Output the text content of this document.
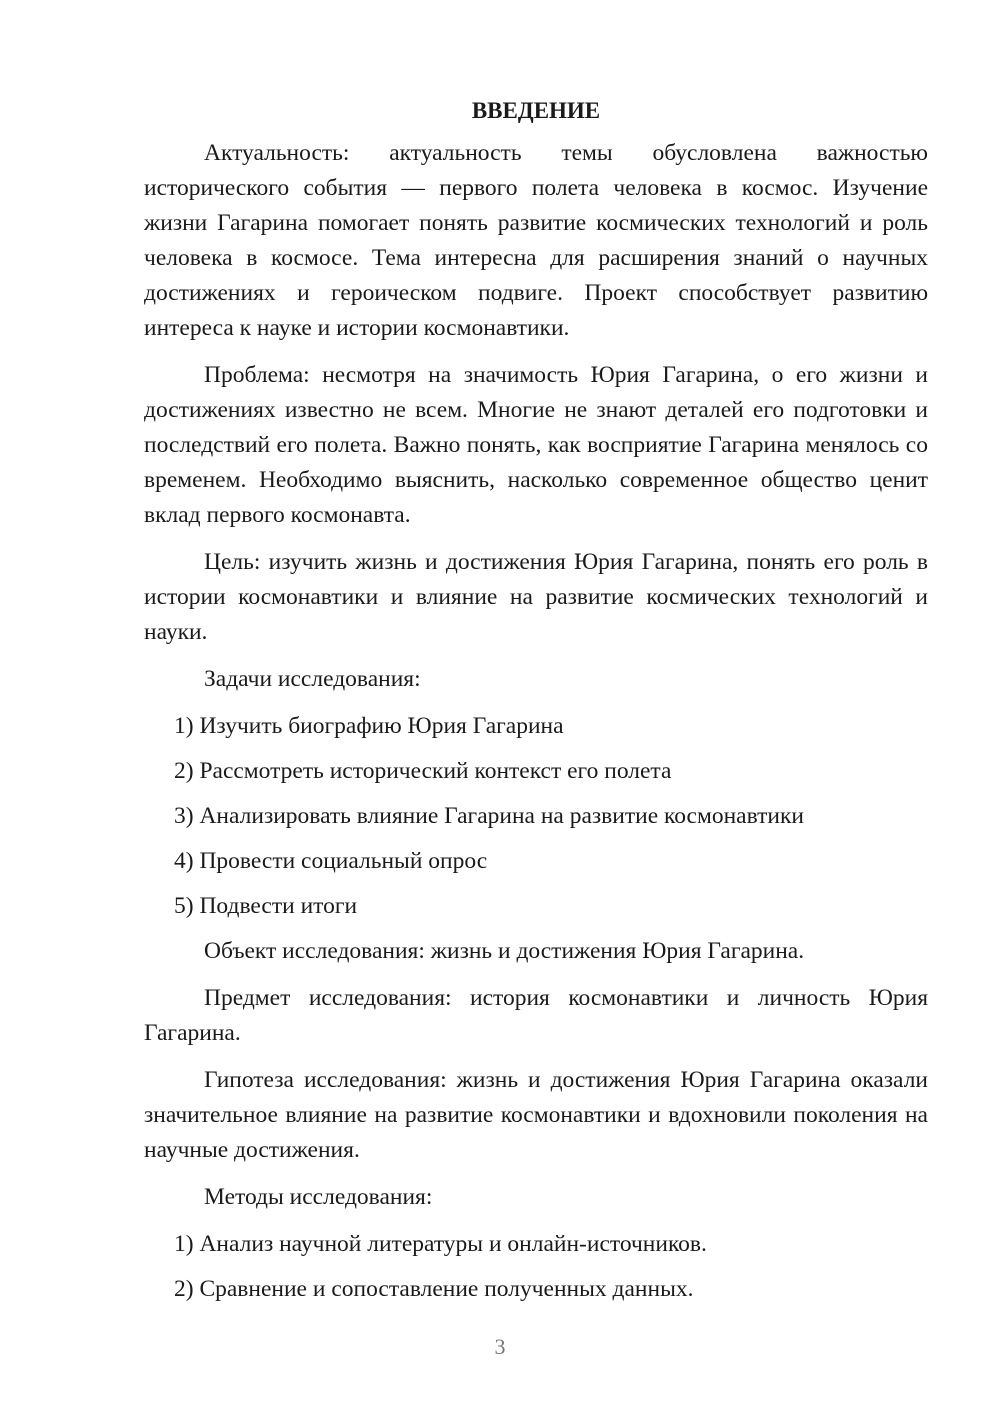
ВВЕДЕНИЕ

Актуальность: актуальность темы обусловлена важностью исторического события — первого полета человека в космос. Изучение жизни Гагарина помогает понять развитие космических технологий и роль человека в космосе. Тема интересна для расширения знаний о научных достижениях и героическом подвиге. Проект способствует развитию интереса к науке и истории космонавтики.

Проблема: несмотря на значимость Юрия Гагарина, о его жизни и достижениях известно не всем. Многие не знают деталей его подготовки и последствий его полета. Важно понять, как восприятие Гагарина менялось со временем. Необходимо выяснить, насколько современное общество ценит вклад первого космонавта.

Цель: изучить жизнь и достижения Юрия Гагарина, понять его роль в истории космонавтики и влияние на развитие космических технологий и науки.

Задачи исследования:

1) Изучить биографию Юрия Гагарина
2) Рассмотреть исторический контекст его полета
3) Анализировать влияние Гагарина на развитие космонавтики
4) Провести социальный опрос
5) Подвести итоги

Объект исследования: жизнь и достижения Юрия Гагарина.

Предмет исследования: история космонавтики и личность Юрия Гагарина.

Гипотеза исследования: жизнь и достижения Юрия Гагарина оказали значительное влияние на развитие космонавтики и вдохновили поколения на научные достижения.

Методы исследования:

1) Анализ научной литературы и онлайн-источников.
2) Сравнение и сопоставление полученных данных.
3
